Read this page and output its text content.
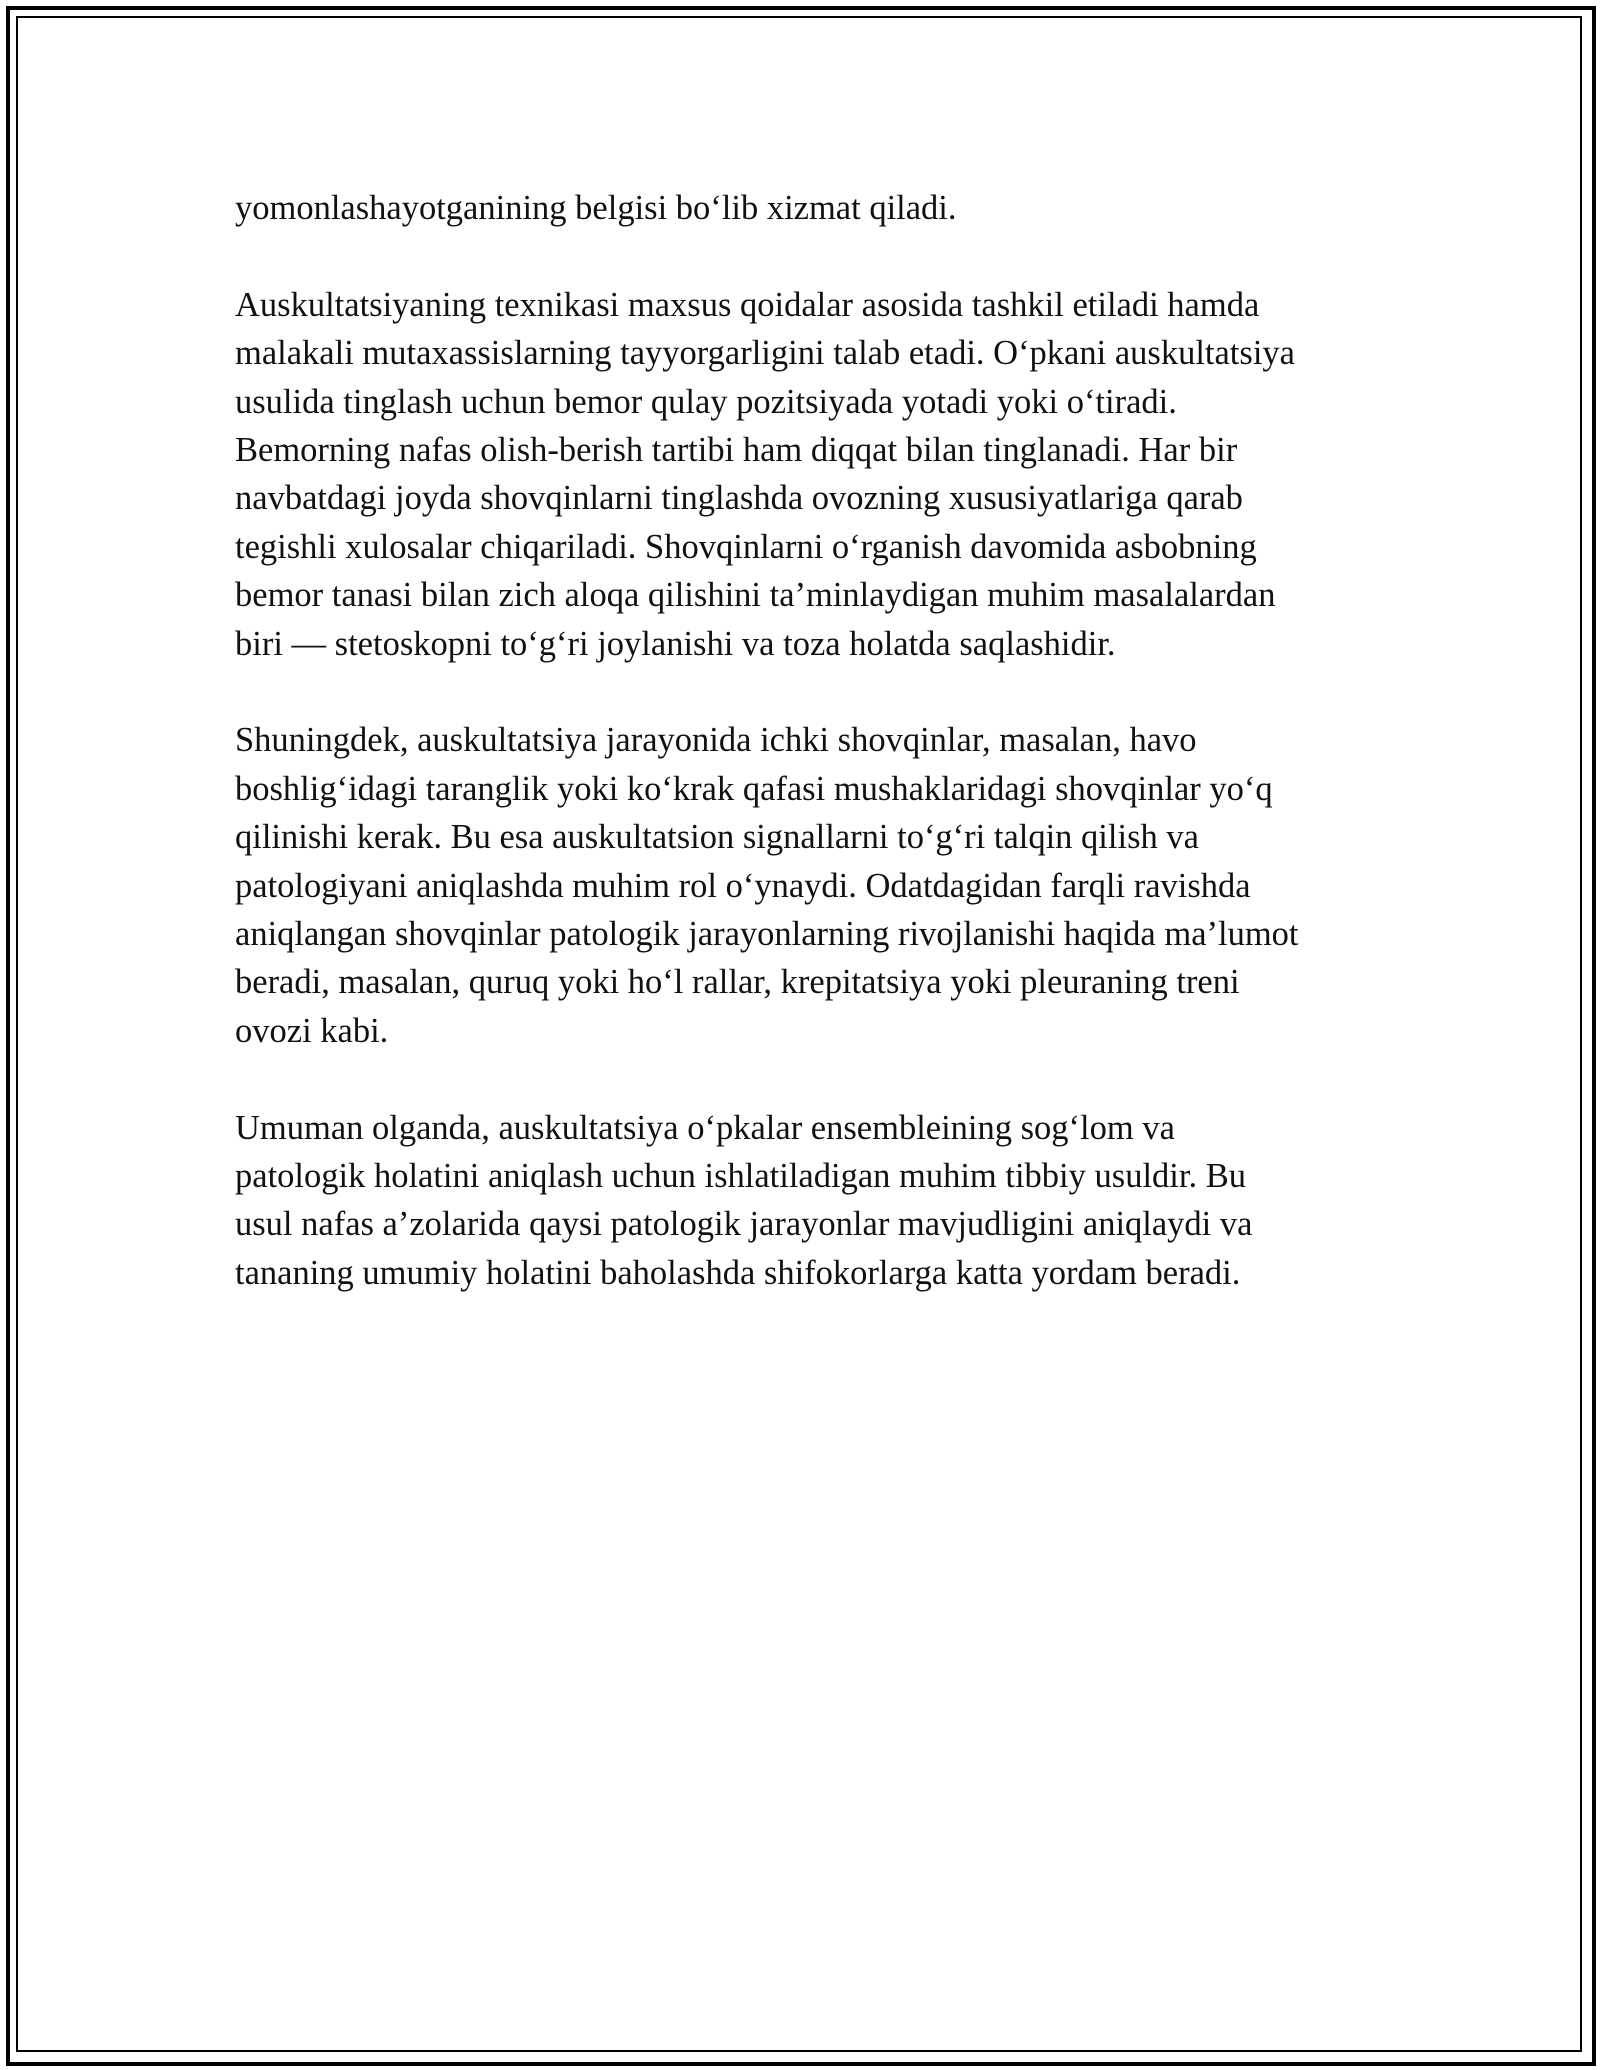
yomonlashayotganining belgisi bo‘lib xizmat qiladi.

Auskultatsiyaning texnikasi maxsus qoidalar asosida tashkil etiladi hamda
malakali mutaxassislarning tayyorgarligini talab etadi. O‘pkani auskultatsiya
usulida tinglash uchun bemor qulay pozitsiyada yotadi yoki o‘tiradi.
Bemorning nafas olish-berish tartibi ham diqqat bilan tinglanadi. Har bir
navbatdagi joyda shovqinlarni tinglashda ovozning xususiyatlariga qarab
tegishli xulosalar chiqariladi. Shovqinlarni o‘rganish davomida asbobning
bemor tanasi bilan zich aloqa qilishini ta’minlaydigan muhim masalalardan
biri — stetoskopni to‘g‘ri joylanishi va toza holatda saqlashidir.

Shuningdek, auskultatsiya jarayonida ichki shovqinlar, masalan, havo
boshlig‘idagi taranglik yoki ko‘krak qafasi mushaklaridagi shovqinlar yo‘q
qilinishi kerak. Bu esa auskultatsion signallarni to‘g‘ri talqin qilish va
patologiyani aniqlashda muhim rol o‘ynaydi. Odatdagidan farqli ravishda
aniqlangan shovqinlar patologik jarayonlarning rivojlanishi haqida ma’lumot
beradi, masalan, quruq yoki ho‘l rallar, krepitatsiya yoki pleuraning treni
ovozi kabi.

Umuman olganda, auskultatsiya o‘pkalar ensembleining sog‘lom va
patologik holatini aniqlash uchun ishlatiladigan muhim tibbiy usuldir. Bu
usul nafas a’zolarida qaysi patologik jarayonlar mavjudligini aniqlaydi va
tananing umumiy holatini baholashda shifokorlarga katta yordam beradi.
